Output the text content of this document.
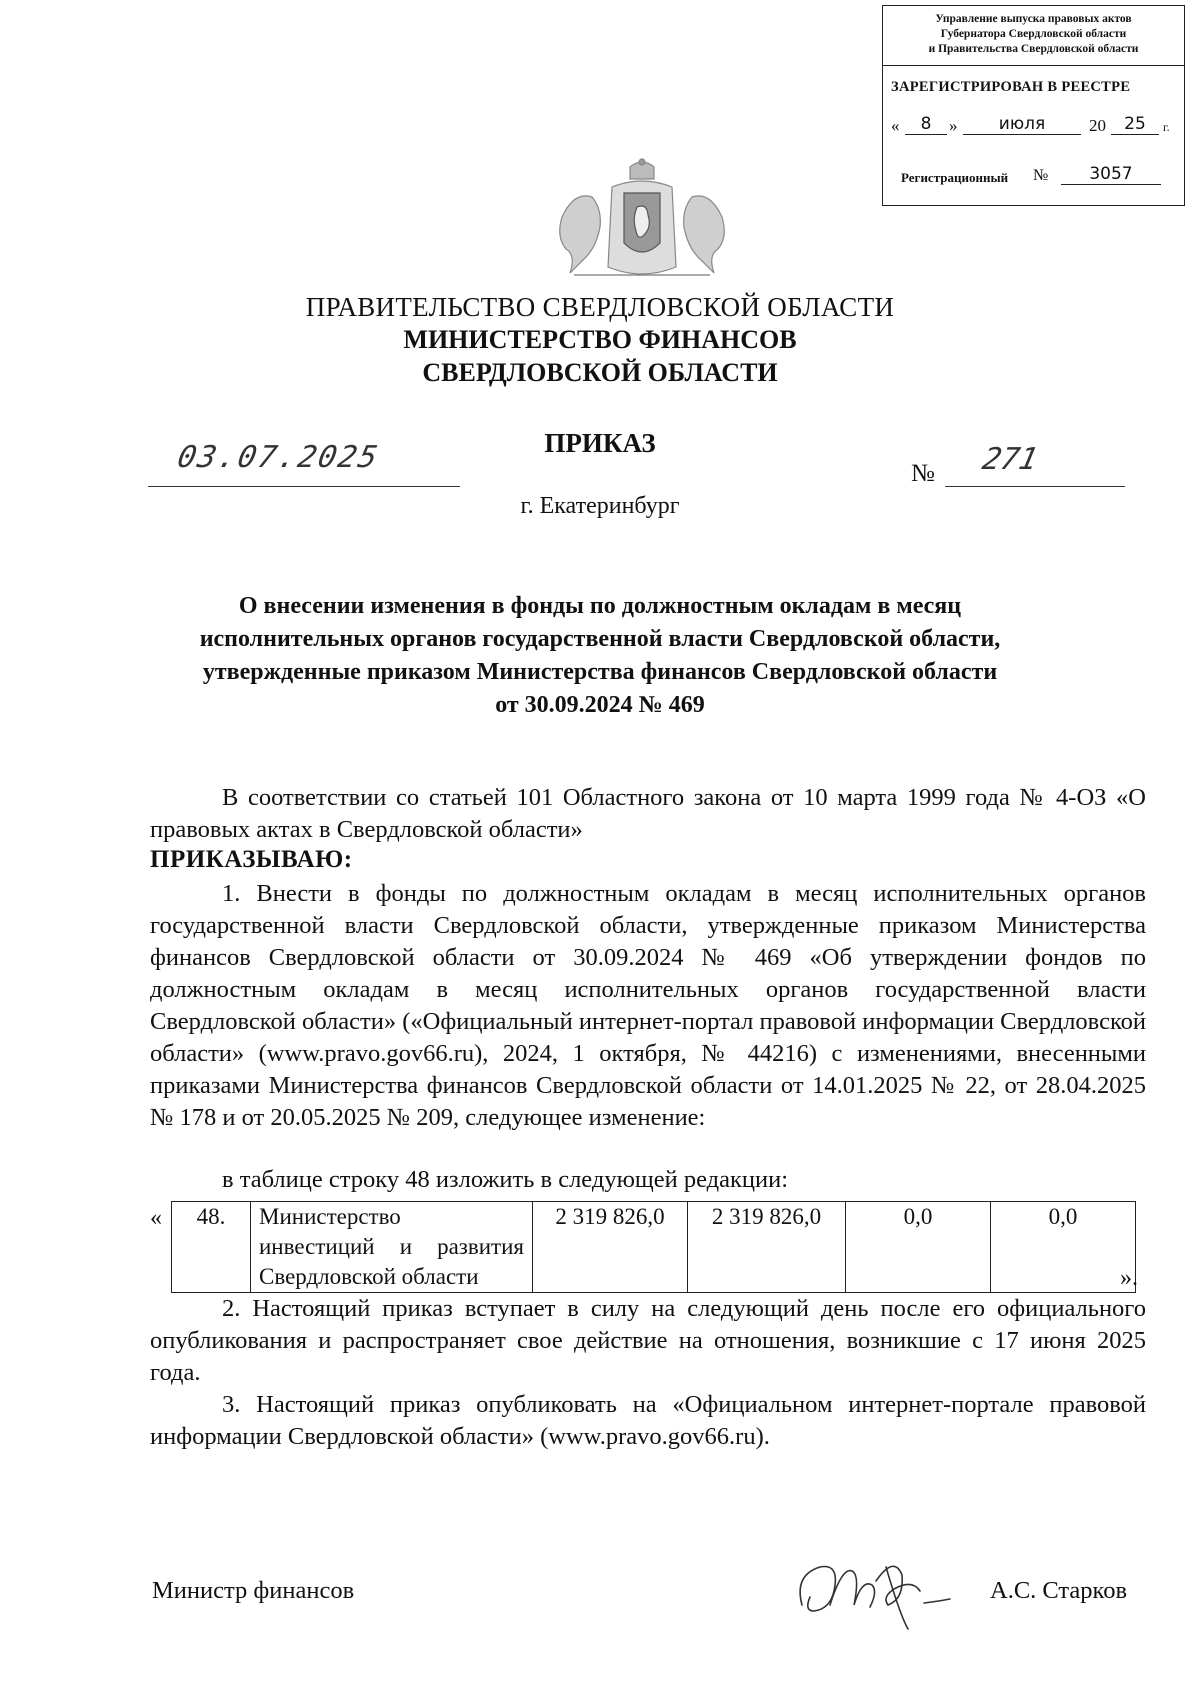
Управление выпуска правовых актов
Губернатора Свердловской области
и Правительства Свердловской области
ЗАРЕГИСТРИРОВАН В РЕЕСТРЕ
«	8	»	июля	20	25	г.
Регистрационный №	3057
ПРАВИТЕЛЬСТВО СВЕРДЛОВСКОЙ ОБЛАСТИ
МИНИСТЕРСТВО ФИНАНСОВ
СВЕРДЛОВСКОЙ ОБЛАСТИ
ПРИКАЗ
03.07.2025	№ 271
г. Екатеринбург
О внесении изменения в фонды по должностным окладам в месяц
исполнительных органов государственной власти Свердловской области,
утвержденные приказом Министерства финансов Свердловской области
от 30.09.2024 № 469

В соответствии со статьей 101 Областного закона от 10 марта 1999 года № 4-ОЗ «О правовых актах в Свердловской области»

ПРИКАЗЫВАЮ:

1. Внести в фонды по должностным окладам в месяц исполнительных органов государственной власти Свердловской области, утвержденные приказом Министерства финансов Свердловской области от 30.09.2024 № 469 «Об утверждении фондов по должностным окладам в месяц исполнительных органов государственной власти Свердловской области» («Официальный интернет-портал правовой информации Свердловской области» (www.pravo.gov66.ru), 2024, 1 октября, № 44216) с изменениями, внесенными приказами Министерства финансов Свердловской области от 14.01.2025 № 22, от 28.04.2025 № 178 и от 20.05.2025 № 209, следующее изменение:

в таблице строку 48 изложить в следующей редакции:
« 48.	Министерство
инвестиций и развития
Свердловской области
	2 319 826,0	2 319 826,0	0,0	0,0
».

2. Настоящий приказ вступает в силу на следующий день после его официального опубликования и распространяет свое действие на отношения, возникшие с 17 июня 2025 года.

3. Настоящий приказ опубликовать на «Официальном интернет-портале правовой информации Свердловской области» (www.pravo.gov66.ru).

Министр финансов	А.С. Старков
